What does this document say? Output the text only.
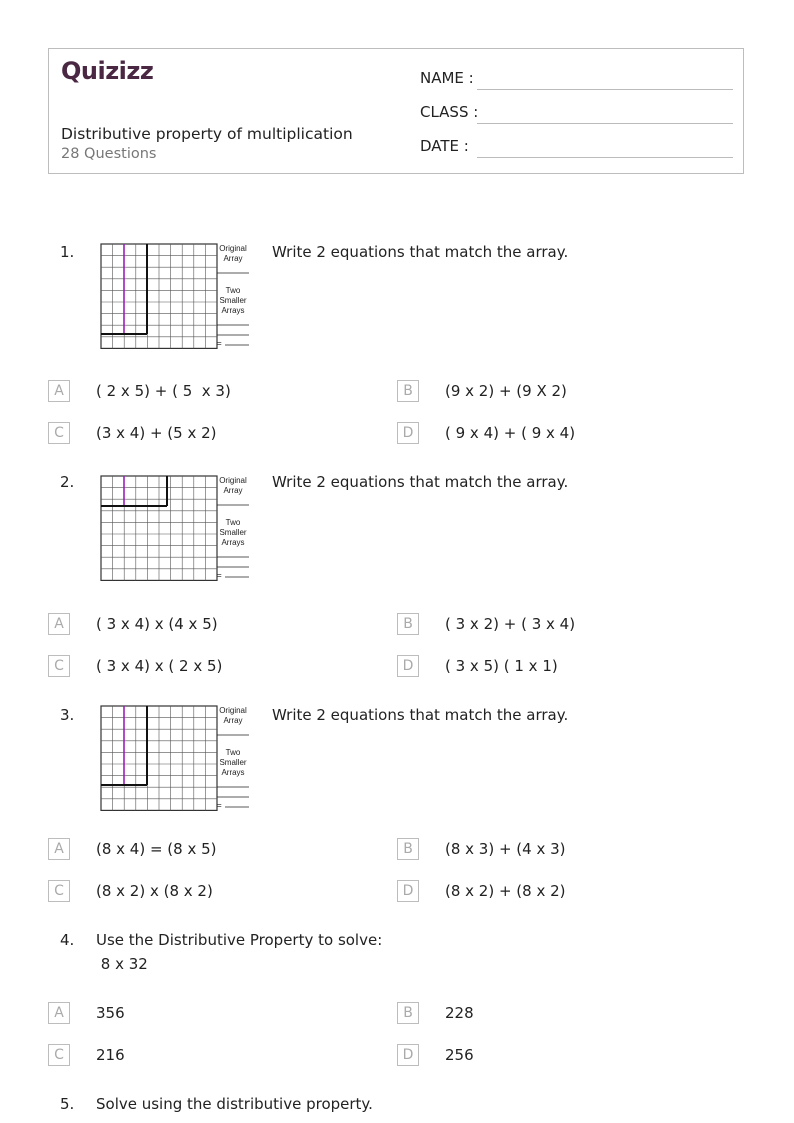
Quizizz
Distributive property of multiplication
28 Questions
NAME :
CLASS :
DATE :
1.	Original
Array
Two
Smaller
Arrays
=
Write 2 equations that match the array.
A	( 2 x 5) + ( 5  x 3)	B	(9 x 2) + (9 X 2)
C	(3 x 4) + (5 x 2)	D	( 9 x 4) + ( 9 x 4)
2.	Original
Array
Two
Smaller
Arrays
=
Write 2 equations that match the array.
A	( 3 x 4) x (4 x 5)	B	( 3 x 2) + ( 3 x 4)
C	( 3 x 4) x ( 2 x 5)	D	( 3 x 5) ( 1 x 1)
3.	Original
Array
Two
Smaller
Arrays
=
Write 2 equations that match the array.
A	(8 x 4) = (8 x 5)	B	(8 x 3) + (4 x 3)
C	(8 x 2) x (8 x 2)	D	(8 x 2) + (8 x 2)
4. Use the Distributive Property to solve:
8 x 32
A	356	B	228
C	216	D	256
5. Solve using the distributive property.
